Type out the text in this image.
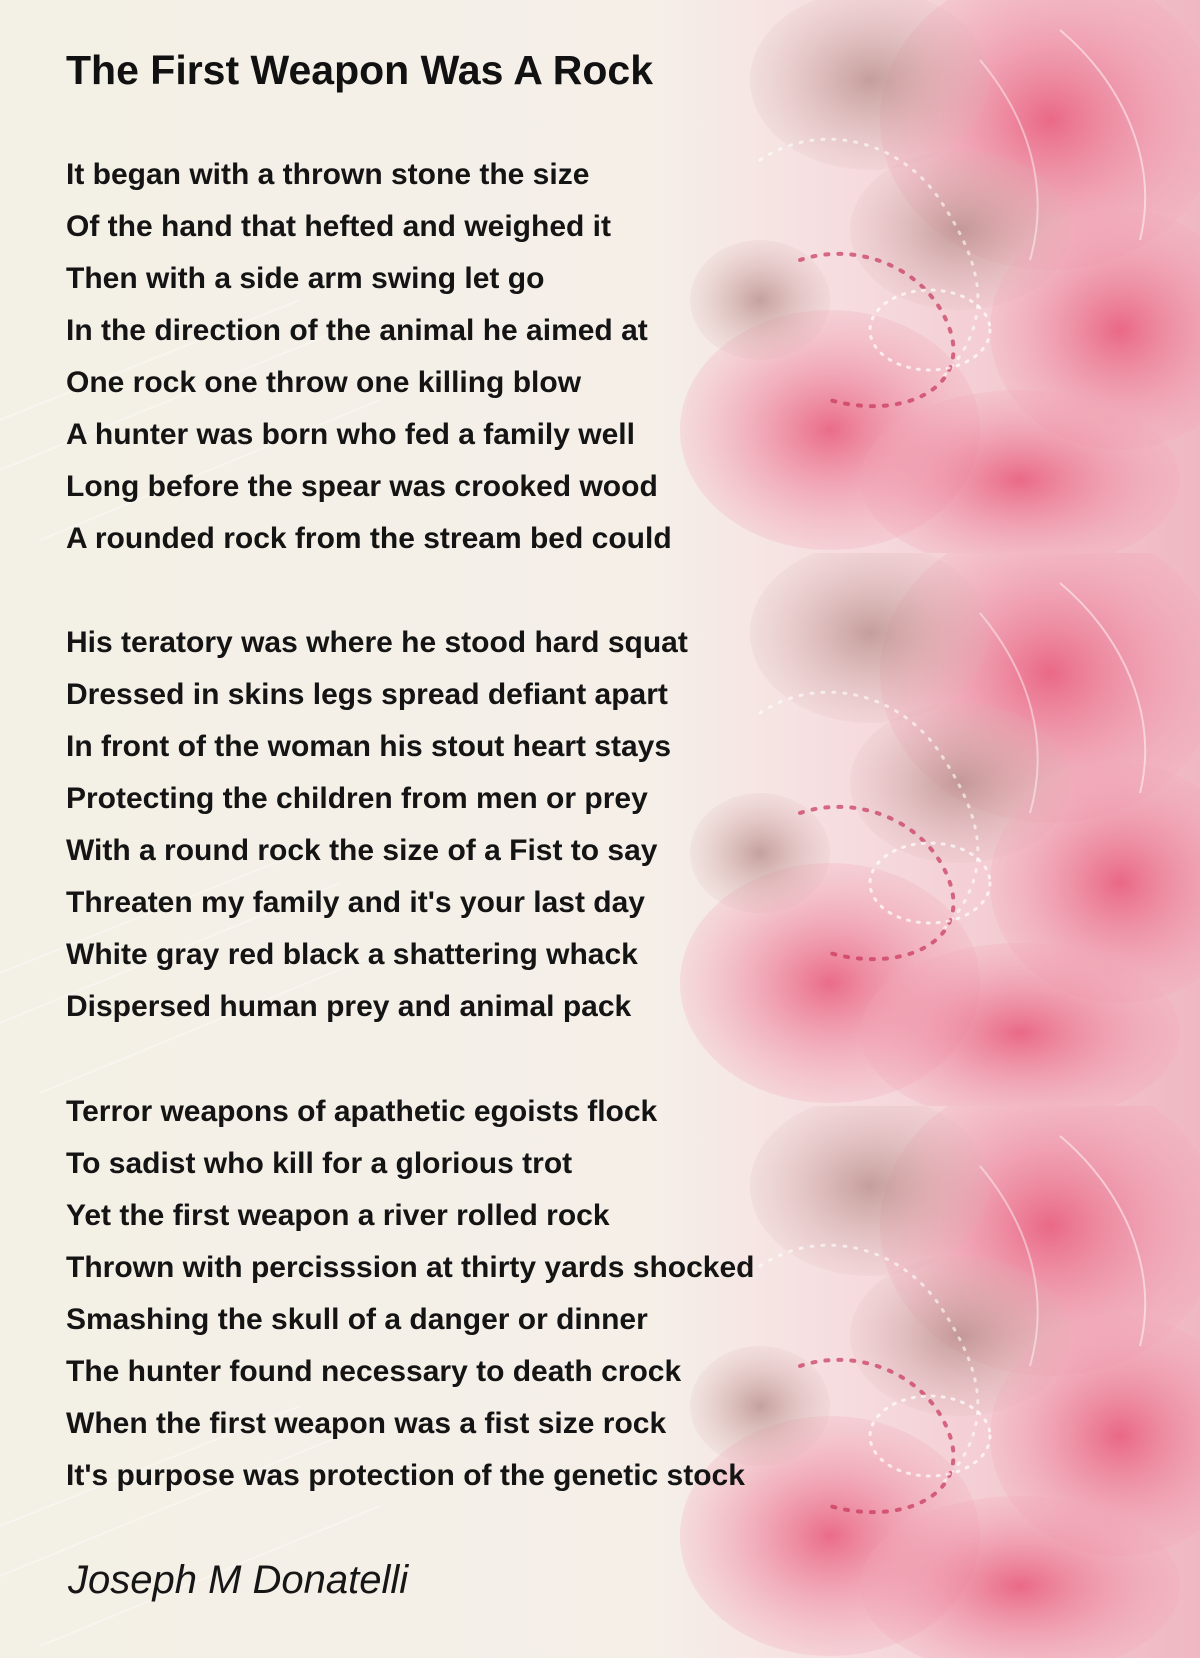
The First Weapon Was A Rock
It began with a thrown stone the size
Of the hand that hefted and weighed it
Then with a side arm swing let go
In the direction of the animal he aimed at
One rock one throw one killing blow
A hunter was born who fed a family well
Long before the spear was crooked wood
A rounded rock from the stream bed could
His teratory was where he stood hard squat
Dressed in skins legs spread defiant apart
In front of the woman his stout heart stays
Protecting the children from men or prey
With a round rock the size of a Fist to say
Threaten my family and it's your last day
White gray red black a shattering whack
Dispersed human prey and animal pack
Terror weapons of apathetic egoists flock
To sadist who kill for a glorious trot
Yet the first weapon a river rolled rock
Thrown with percisssion at thirty yards shocked
Smashing the skull of a danger or dinner
The hunter found necessary to death crock
When the first weapon was a fist size rock
It's purpose was protection of the genetic stock

Joseph M Donatelli
